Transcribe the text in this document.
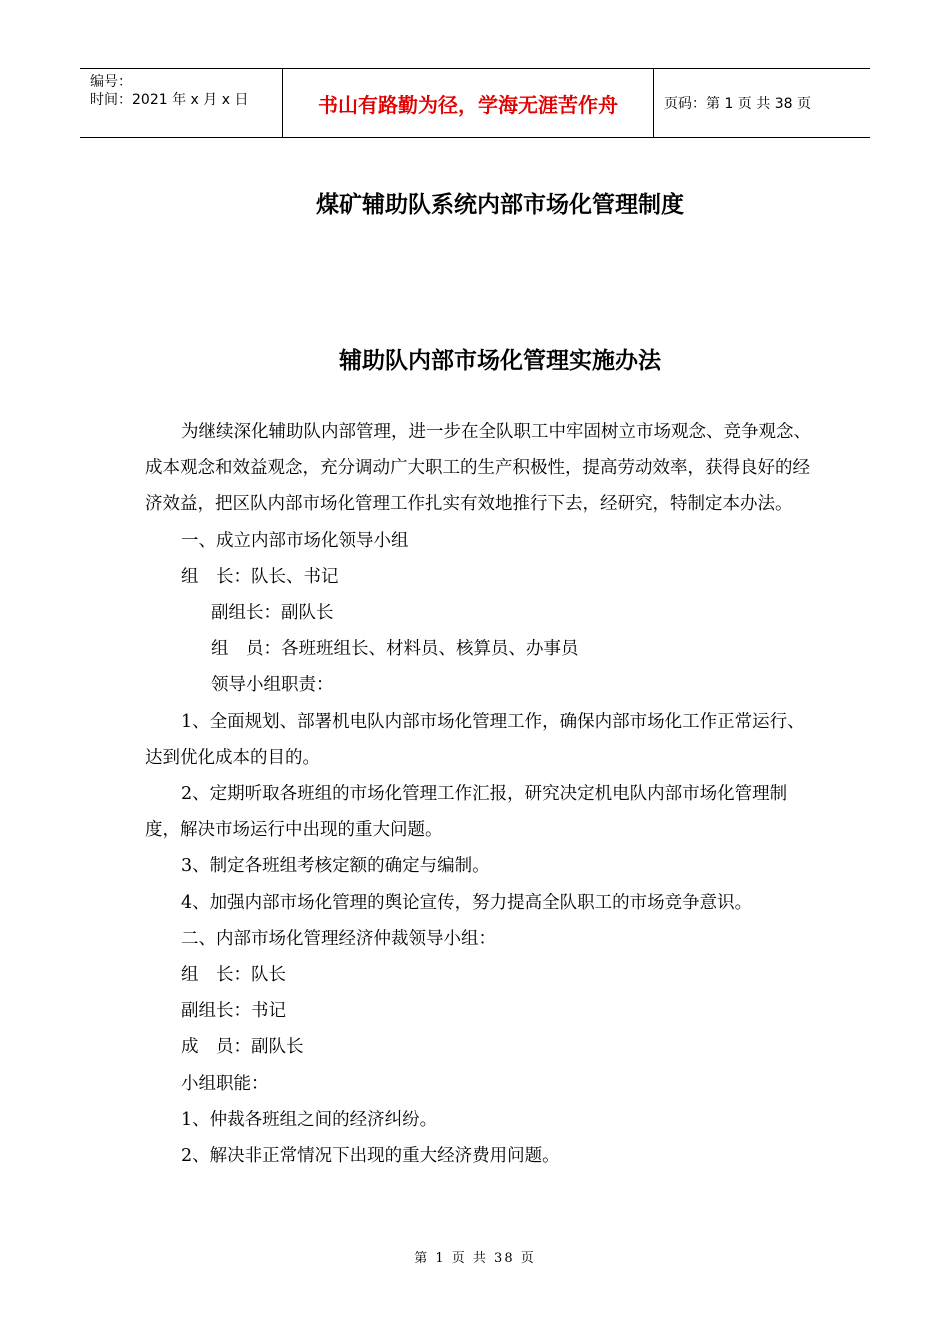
编号：
时间：2021 年 x 月 x 日	书山有路勤为径，学海无涯苦作舟	页码：第 1 页 共 38 页
煤矿辅助队系统内部市场化管理制度
辅助队内部市场化管理实施办法

为继续深化辅助队内部管理，进一步在全队职工中牢固树立市场观念、竞争观念、成本观念和效益观念，充分调动广大职工的生产积极性，提高劳动效率，获得良好的经济效益，把区队内部市场化管理工作扎实有效地推行下去，经研究，特制定本办法。

一、成立内部市场化领导小组

组　长：队长、书记

副组长：副队长

组　员：各班班组长、材料员、核算员、办事员

领导小组职责：

1、全面规划、部署机电队内部市场化管理工作，确保内部市场化工作正常运行、达到优化成本的目的。

2、定期听取各班组的市场化管理工作汇报，研究决定机电队内部市场化管理制度，解决市场运行中出现的重大问题。

3、制定各班组考核定额的确定与编制。

4、加强内部市场化管理的舆论宣传，努力提高全队职工的市场竞争意识。

二、内部市场化管理经济仲裁领导小组：

组　长：队长

副组长：书记

成　员：副队长

小组职能：

1、仲裁各班组之间的经济纠纷。

2、解决非正常情况下出现的重大经济费用问题。

第 1 页 共 38 页
